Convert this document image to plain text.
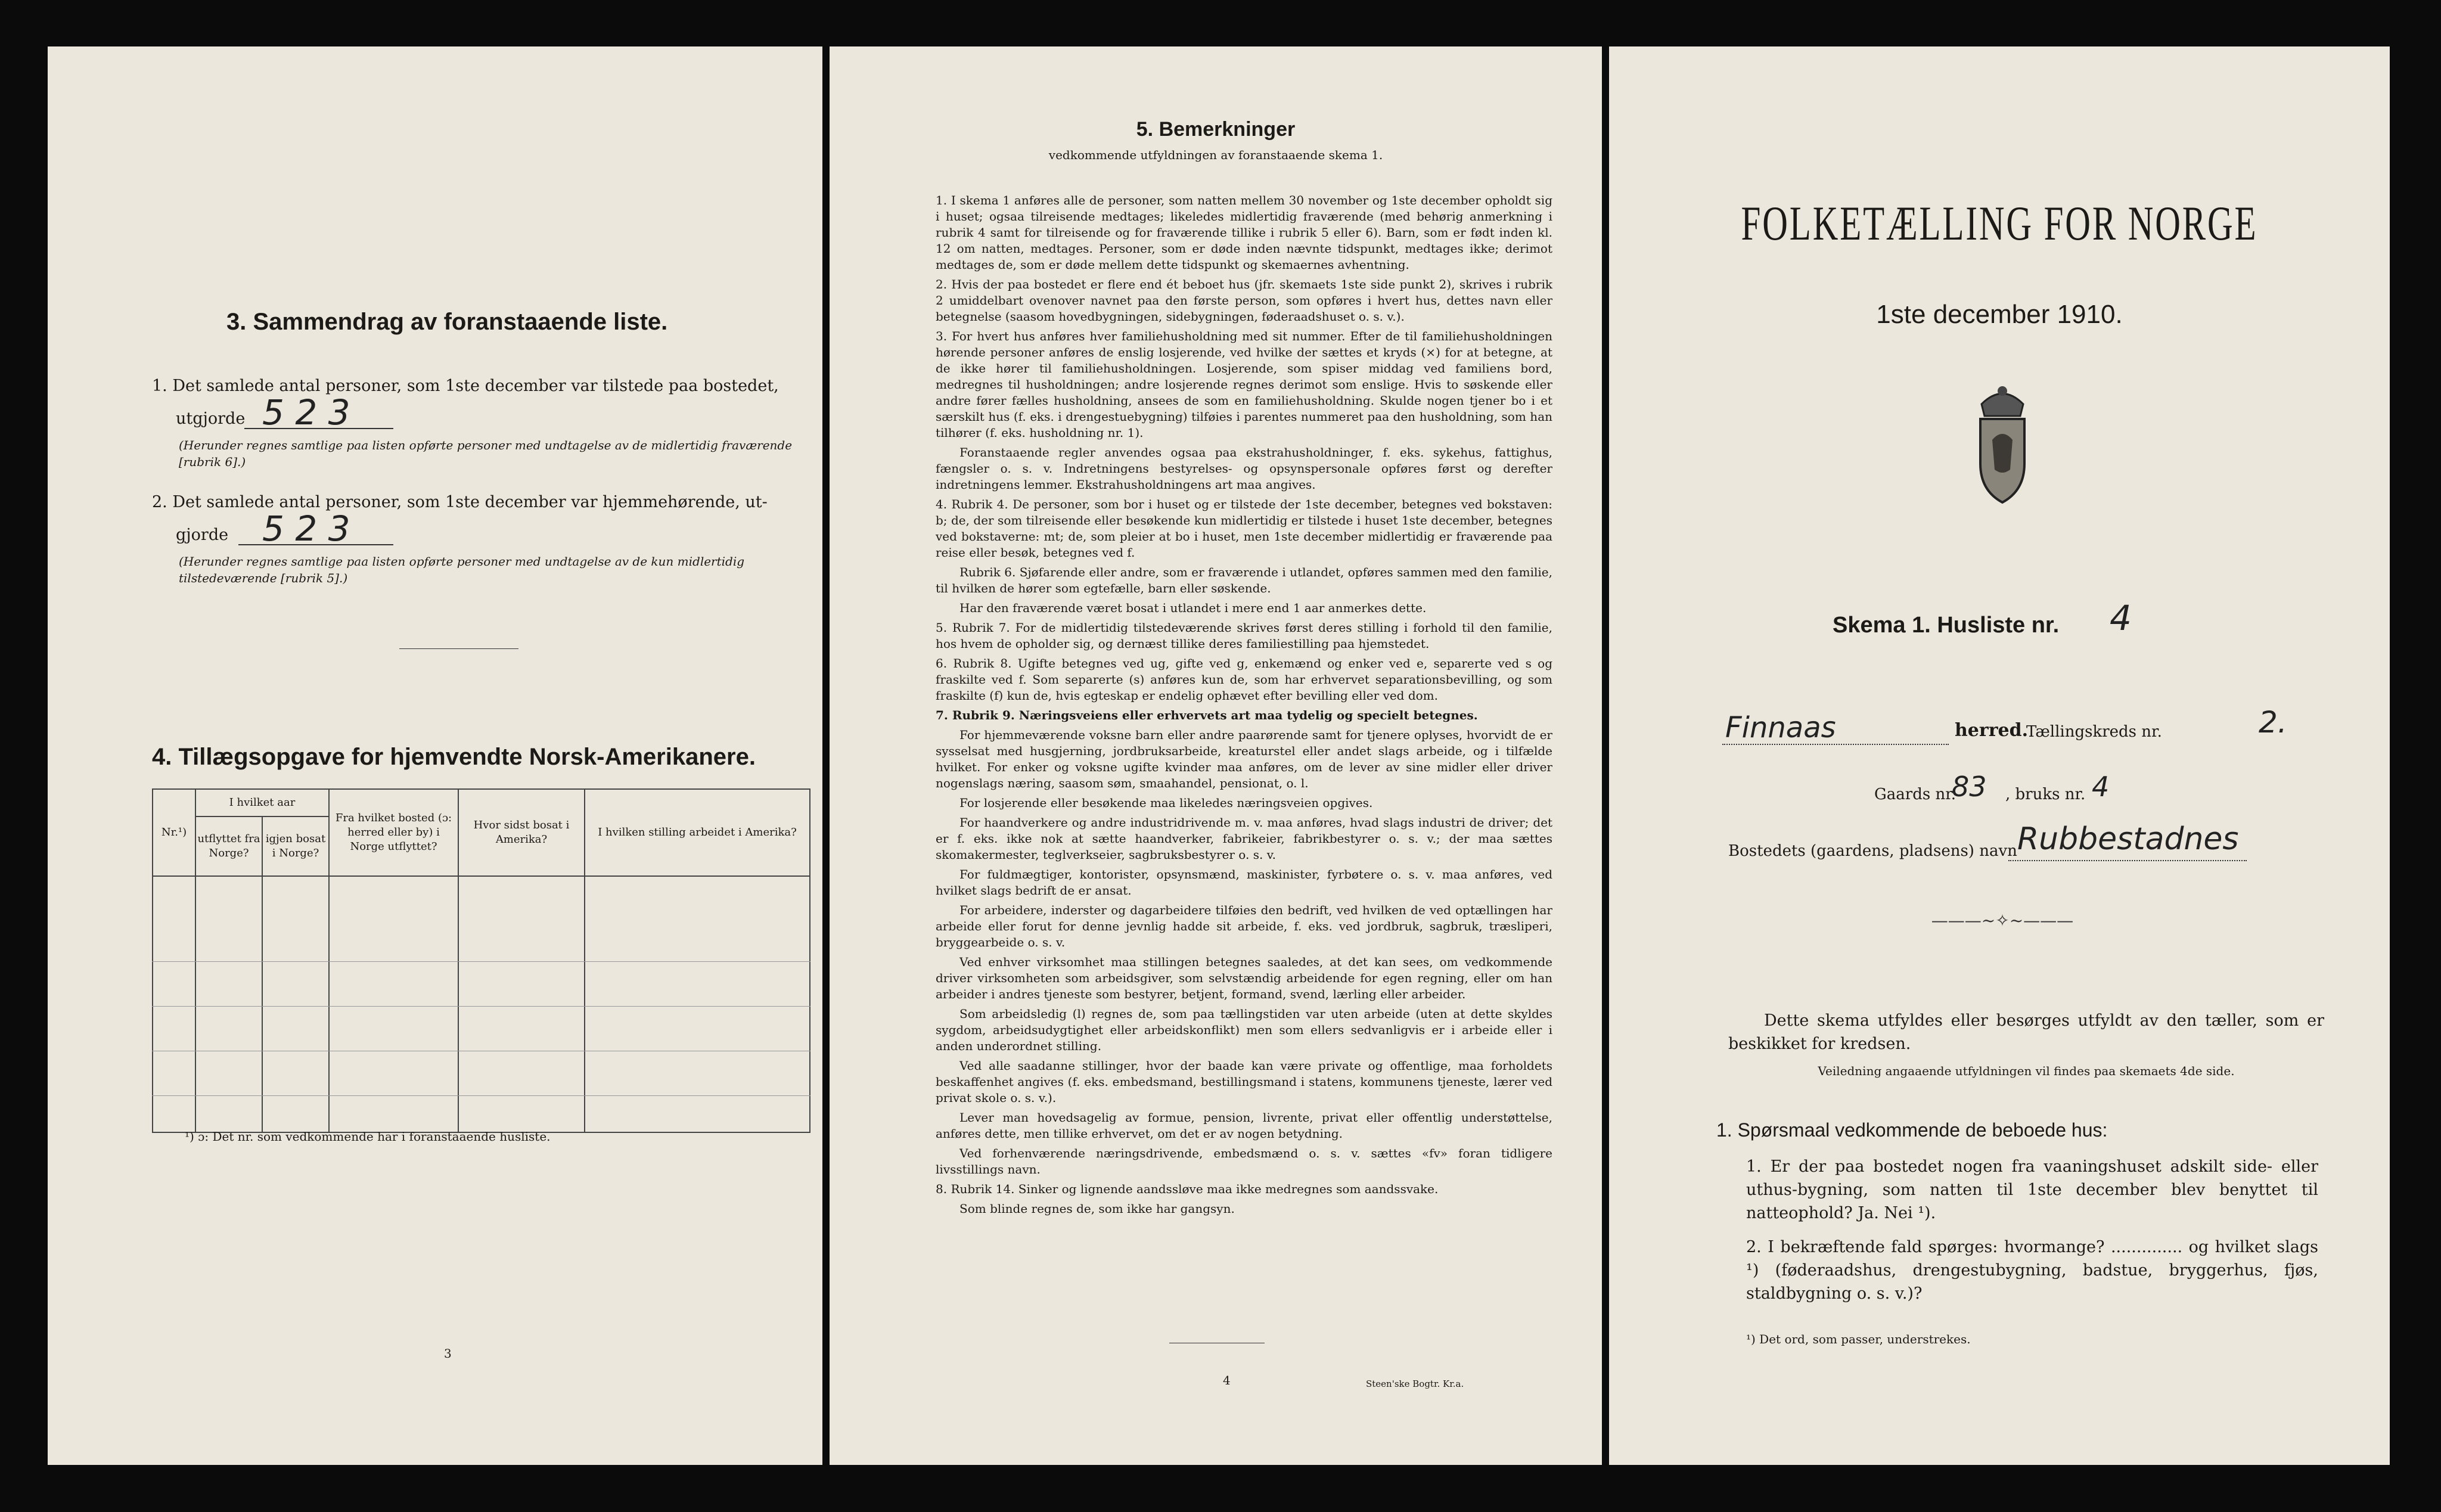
3. Sammendrag av foranstaaende liste.
1. Det samlede antal personer, som 1ste december var tilstede paa bostedet,
utgjorde 5 2 3
(Herunder regnes samtlige paa listen opførte personer med undtagelse av de midlertidig fraværende [rubrik 6].)
2. Det samlede antal personer, som 1ste december var hjemmehørende, ut-
gjorde 5 2 3
(Herunder regnes samtlige paa listen opførte personer med undtagelse av de kun midlertidig tilstedeværende [rubrik 5].)
4. Tillægsopgave for hjemvendte Norsk-Amerikanere.
Nr.¹)	I hvilket aar		Fra hvilket bosted (ɔ: herred eller by) i Norge utflyttet?	Hvor sidst bosat i Amerika?	I hvilken stilling arbeidet i Amerika?
	utflyttet fra Norge?	igjen bosat i Norge?			

¹) ɔ: Det nr. som vedkommende har i foranstaaende husliste.
3
5. Bemerkninger
vedkommende utfyldningen av foranstaaende skema 1.

1. I skema 1 anføres alle de personer, som natten mellem 30 november og 1ste december opholdt sig i huset; ogsaa tilreisende medtages; likeledes midlertidig fraværende (med behørig anmerkning i rubrik 4 samt for tilreisende og for fraværende tillike i rubrik 5 eller 6). Barn, som er født inden kl. 12 om natten, medtages. Personer, som er døde inden nævnte tidspunkt, medtages ikke; derimot medtages de, som er døde mellem dette tidspunkt og skemaernes avhentning.

2. Hvis der paa bostedet er flere end ét beboet hus (jfr. skemaets 1ste side punkt 2), skrives i rubrik 2 umiddelbart ovenover navnet paa den første person, som opføres i hvert hus, dettes navn eller betegnelse (saasom hovedbygningen, sidebygningen, føderaadshuset o. s. v.).

3. For hvert hus anføres hver familiehusholdning med sit nummer. Efter de til familiehusholdningen hørende personer anføres de enslig losjerende, ved hvilke der sættes et kryds (×) for at betegne, at de ikke hører til familiehusholdningen. Losjerende, som spiser middag ved familiens bord, medregnes til husholdningen; andre losjerende regnes derimot som enslige. Hvis to søskende eller andre fører fælles husholdning, ansees de som en familiehusholdning. Skulde nogen tjener bo i et særskilt hus (f. eks. i drengestuebygning) tilføies i parentes nummeret paa den husholdning, som han tilhører (f. eks. husholdning nr. 1).

Foranstaaende regler anvendes ogsaa paa ekstrahusholdninger, f. eks. sykehus, fattighus, fængsler o. s. v. Indretningens bestyrelses- og opsynspersonale opføres først og derefter indretningens lemmer. Ekstrahusholdningens art maa angives.

4. Rubrik 4. De personer, som bor i huset og er tilstede der 1ste december, betegnes ved bokstaven: b; de, der som tilreisende eller besøkende kun midlertidig er tilstede i huset 1ste december, betegnes ved bokstaverne: mt; de, som pleier at bo i huset, men 1ste december midlertidig er fraværende paa reise eller besøk, betegnes ved f.

Rubrik 6. Sjøfarende eller andre, som er fraværende i utlandet, opføres sammen med den familie, til hvilken de hører som egtefælle, barn eller søskende.

Har den fraværende været bosat i utlandet i mere end 1 aar anmerkes dette.

5. Rubrik 7. For de midlertidig tilstedeværende skrives først deres stilling i forhold til den familie, hos hvem de opholder sig, og dernæst tillike deres familiestilling paa hjemstedet.

6. Rubrik 8. Ugifte betegnes ved ug, gifte ved g, enkemænd og enker ved e, separerte ved s og fraskilte ved f. Som separerte (s) anføres kun de, som har erhvervet separationsbevilling, og som fraskilte (f) kun de, hvis egteskap er endelig ophævet efter bevilling eller ved dom.

7. Rubrik 9. Næringsveiens eller erhvervets art maa tydelig og specielt betegnes.

For hjemmeværende voksne barn eller andre paarørende samt for tjenere oplyses, hvorvidt de er sysselsat med husgjerning, jordbruksarbeide, kreaturstel eller andet slags arbeide, og i tilfælde hvilket. For enker og voksne ugifte kvinder maa anføres, om de lever av sine midler eller driver nogenslags næring, saasom søm, smaahandel, pensionat, o. l.

For losjerende eller besøkende maa likeledes næringsveien opgives.

For haandverkere og andre industridrivende m. v. maa anføres, hvad slags industri de driver; det er f. eks. ikke nok at sætte haandverker, fabrikeier, fabrikbestyrer o. s. v.; der maa sættes skomakermester, teglverkseier, sagbruksbestyrer o. s. v.

For fuldmægtiger, kontorister, opsynsmænd, maskinister, fyrbøtere o. s. v. maa anføres, ved hvilket slags bedrift de er ansat.

For arbeidere, inderster og dagarbeidere tilføies den bedrift, ved hvilken de ved optællingen har arbeide eller forut for denne jevnlig hadde sit arbeide, f. eks. ved jordbruk, sagbruk, træsliperi, bryggearbeide o. s. v.

Ved enhver virksomhet maa stillingen betegnes saaledes, at det kan sees, om vedkommende driver virksomheten som arbeidsgiver, som selvstændig arbeidende for egen regning, eller om han arbeider i andres tjeneste som bestyrer, betjent, formand, svend, lærling eller arbeider.

Som arbeidsledig (l) regnes de, som paa tællingstiden var uten arbeide (uten at dette skyldes sygdom, arbeidsudygtighet eller arbeidskonflikt) men som ellers sedvanligvis er i arbeide eller i anden underordnet stilling.

Ved alle saadanne stillinger, hvor der baade kan være private og offentlige, maa forholdets beskaffenhet angives (f. eks. embedsmand, bestillingsmand i statens, kommunens tjeneste, lærer ved privat skole o. s. v.).

Lever man hovedsagelig av formue, pension, livrente, privat eller offentlig understøttelse, anføres dette, men tillike erhvervet, om det er av nogen betydning.

Ved forhenværende næringsdrivende, embedsmænd o. s. v. sættes «fv» foran tidligere livsstillings navn.

8. Rubrik 14. Sinker og lignende aandssløve maa ikke medregnes som aandssvake.

Som blinde regnes de, som ikke har gangsyn.

4	Steen'ske Bogtr. Kr.a.
FOLKETÆLLING FOR NORGE
1ste december 1910.
Skema 1. Husliste nr. 4
Finnaas	herred.
Tællingskreds nr.	2.
Gaards nr.
83 , bruks nr. 4
Bostedets (gaardens, pladsens) navn Rubbestadnes
———~✧~———
Dette skema utfyldes eller besørges utfyldt av den tæller, som er beskikket for kredsen.
Veiledning angaaende utfyldningen vil findes paa skemaets 4de side.
1. Spørsmaal vedkommende de beboede hus:
1. Er der paa bostedet nogen fra vaaningshuset adskilt side- eller uthus-bygning, som natten til 1ste december blev benyttet til natteophold? Ja. Nei ¹).
2. I bekræftende fald spørges: hvormange? .............. og hvilket slags ¹) (føderaadshus, drengestubygning, badstue, bryggerhus, fjøs, staldbygning o. s. v.)?
¹) Det ord, som passer, understrekes.
